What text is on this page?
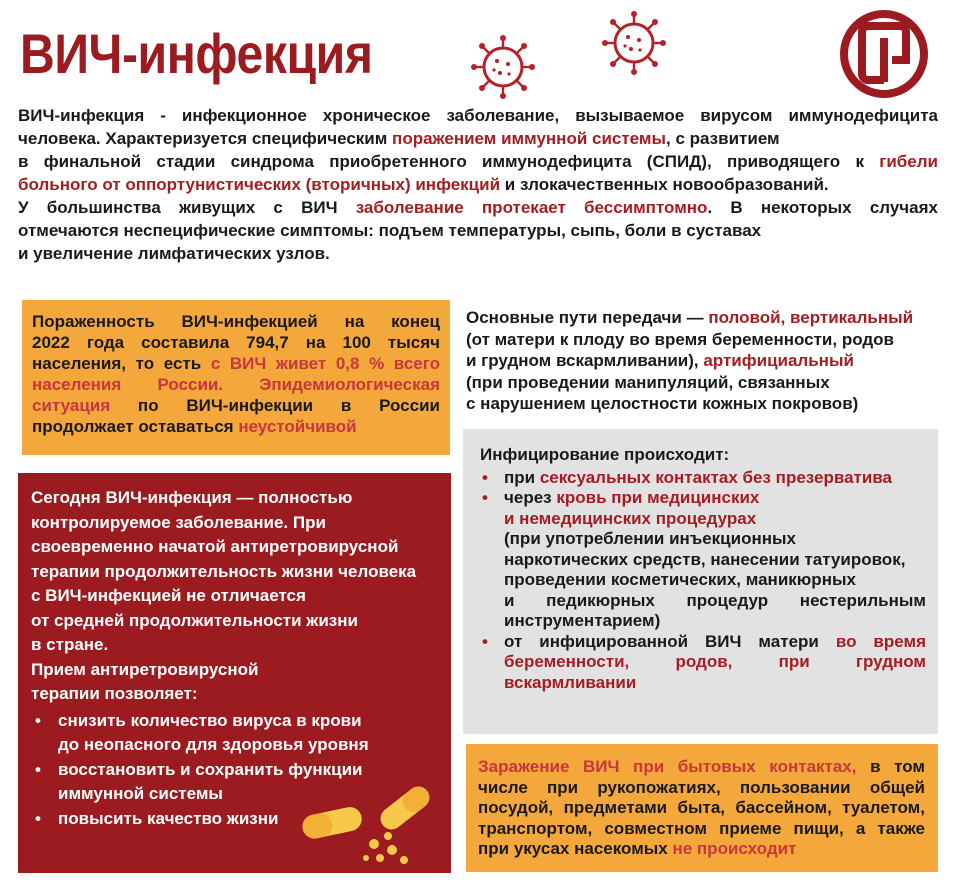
ВИЧ-инфекция
ВИЧ-инфекция - инфекционное хроническое заболевание, вызываемое вирусом иммунодефицита
человека. Характеризуется специфическим поражением иммунной системы, с развитием
в финальной стадии синдрома приобретенного иммунодефицита (СПИД), приводящего к гибели
больного от оппортунистических (вторичных) инфекций и злокачественных новообразований.
У большинства живущих с ВИЧ заболевание протекает бессимптомно. В некоторых случаях
отмечаются неспецифические симптомы: подъем температуры, сыпь, боли в суставах
и увеличение лимфатических узлов.
Пораженность ВИЧ-инфекцией на конец
2022 года составила 794,7 на 100 тысяч
населения, то есть с ВИЧ живет 0,8 % всего
населения России. Эпидемиологическая
ситуация по ВИЧ-инфекции в России
продолжает оставаться неустойчивой
Сегодня ВИЧ-инфекция — полностью
контролируемое заболевание. При
своевременно начатой антиретровирусной
терапии продолжительность жизни человека
с ВИЧ-инфекцией не отличается
от средней продолжительности жизни
в стране.
Прием антиретровирусной
терапии позволяет:
• снизить количество вируса в крови
до неопасного для здоровья уровня
• восстановить и сохранить функции
иммунной системы
• повысить качество жизни
Основные пути передачи — половой, вертикальный
(от матери к плоду во время беременности, родов
и грудном вскармливании), артифициальный
(при проведении манипуляций, связанных
с нарушением целостности кожных покровов)
Инфицирование происходит:
• при сексуальных контактах без презерватива
• через кровь при медицинских
и немедицинских процедурах
(при употреблении инъекционных
наркотических средств, нанесении татуировок,
проведении косметических, маникюрных
и педикюрных процедур нестерильным
инструментарием)
• от инфицированной ВИЧ матери во время
беременности, родов, при грудном
вскармливании
Заражение ВИЧ при бытовых контактах, в том
числе при рукопожатиях, пользовании общей
посудой, предметами быта, бассейном, туалетом,
транспортом, совместном приеме пищи, а также
при укусах насекомых не происходит
